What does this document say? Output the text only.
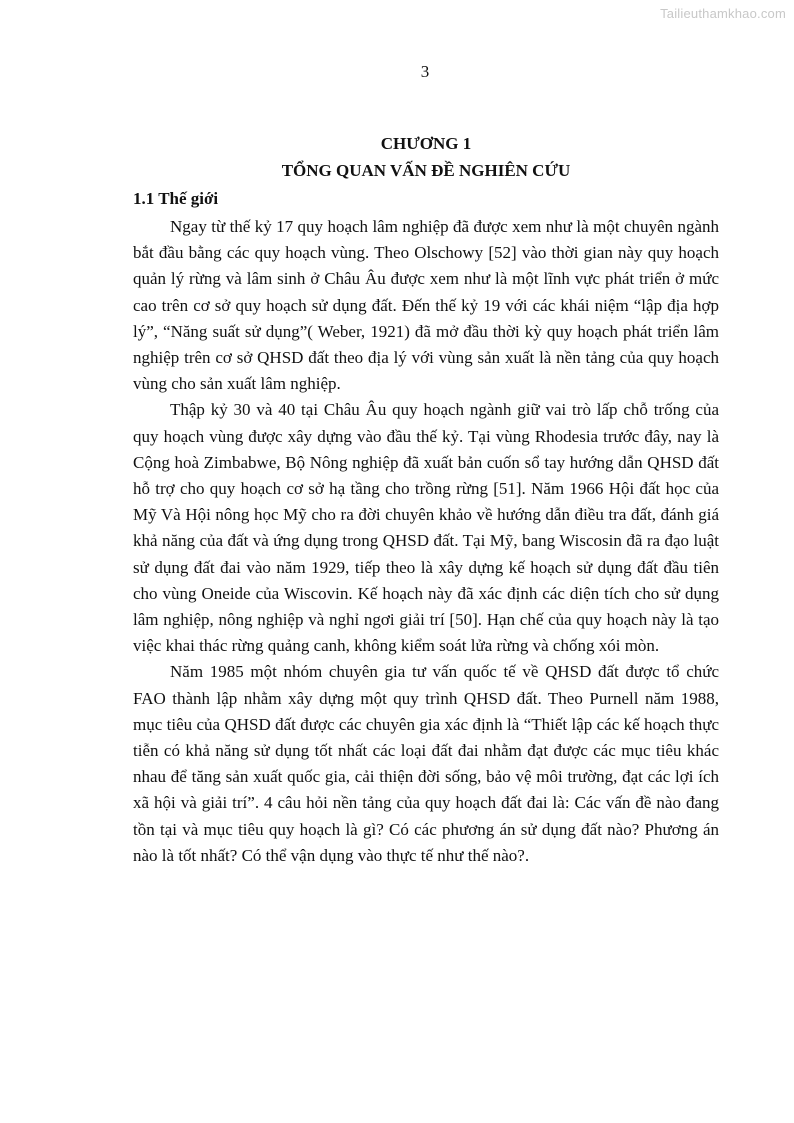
Tailieuthamkhao.com
3
CHƯƠNG 1
TỔNG QUAN VẤN ĐỀ NGHIÊN CỨU
1.1 Thế giới

Ngay từ thế kỷ 17 quy hoạch lâm nghiệp đã được xem như là một chuyên ngành bắt đầu bằng các quy hoạch vùng. Theo Olschowy [52] vào thời gian này quy hoạch quản lý rừng và lâm sinh ở Châu Âu được xem như là một lĩnh vực phát triển ở mức cao trên cơ sở quy hoạch sử dụng đất. Đến thế kỷ 19 với các khái niệm “lập địa hợp lý”, “Năng suất sử dụng”( Weber, 1921) đã mở đầu thời kỳ quy hoạch phát triển lâm nghiệp trên cơ sở QHSD đất theo địa lý với vùng sản xuất là nền tảng của quy hoạch vùng cho sản xuất lâm nghiệp.

Thập kỷ 30 và 40 tại Châu Âu quy hoạch ngành giữ vai trò lấp chỗ trống của quy hoạch vùng được xây dựng vào đầu thế kỷ. Tại vùng Rhodesia trước đây, nay là Cộng hoà Zimbabwe, Bộ Nông nghiệp đã xuất bản cuốn sổ tay hướng dẫn QHSD đất hỗ trợ cho quy hoạch cơ sở hạ tầng cho trồng rừng [51]. Năm 1966 Hội đất học của Mỹ Và Hội nông học Mỹ cho ra đời chuyên khảo về hướng dẫn điều tra đất, đánh giá khả năng của đất và ứng dụng trong QHSD đất. Tại Mỹ, bang Wiscosin đã ra đạo luật sử dụng đất đai vào năm 1929, tiếp theo là xây dựng kế hoạch sử dụng đất đầu tiên cho vùng Oneide của Wiscovin. Kế hoạch này đã xác định các diện tích cho sử dụng lâm nghiệp, nông nghiệp và nghỉ ngơi giải trí [50]. Hạn chế của quy hoạch này là tạo việc khai thác rừng quảng canh, không kiểm soát lửa rừng và chống xói mòn.

Năm 1985 một nhóm chuyên gia tư vấn quốc tế về QHSD đất được tổ chức FAO thành lập nhằm xây dựng một quy trình QHSD đất. Theo Purnell năm 1988, mục tiêu của QHSD đất được các chuyên gia xác định là “Thiết lập các kế hoạch thực tiễn có khả năng sử dụng tốt nhất các loại đất đai nhằm đạt được các mục tiêu khác nhau để tăng sản xuất quốc gia, cải thiện đời sống, bảo vệ môi trường, đạt các lợi ích xã hội và giải trí”. 4 câu hỏi nền tảng của quy hoạch đất đai là: Các vấn đề nào đang tồn tại và mục tiêu quy hoạch là gì? Có các phương án sử dụng đất nào? Phương án nào là tốt nhất? Có thể vận dụng vào thực tế như thế nào?.
